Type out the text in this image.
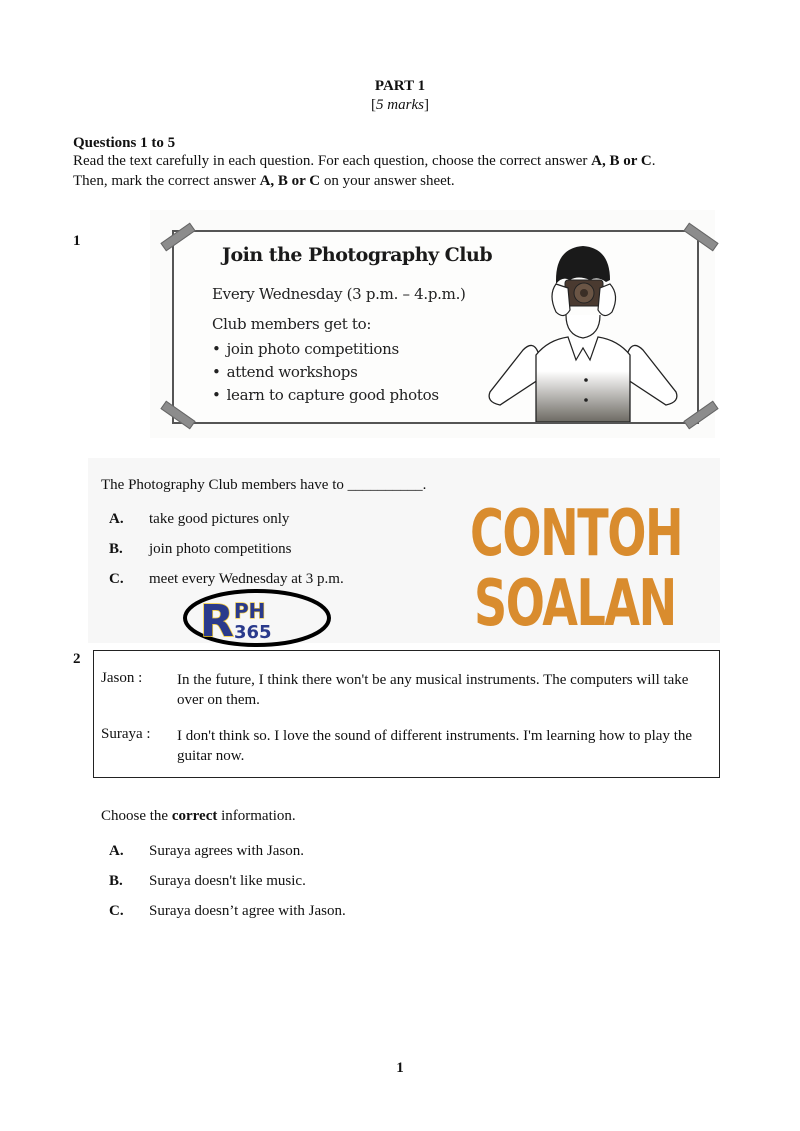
PART 1
[5 marks]
Questions 1 to 5
Read the text carefully in each question. For each question, choose the correct answer A, B or C.
Then, mark the correct answer A, B or C on your answer sheet.
1
Join the Photography Club
Every Wednesday (3 p.m. – 4.p.m.)
Club members get to:
• join photo competitions
• attend workshops
• learn to capture good photos
R PH
365
CONTOH
SOALAN
The Photography Club members have to __________.
A. take good pictures only
B. join photo competitions
C. meet every Wednesday at 3 p.m.
2
Jason : In the future, I think there won't be any musical instruments. The computers will take over on them.
Suraya : I don't think so. I love the sound of different instruments. I'm learning how to play the guitar now.
Choose the correct information.
A. Suraya agrees with Jason.
B. Suraya doesn't like music.
C. Suraya doesn’t agree with Jason.
1
